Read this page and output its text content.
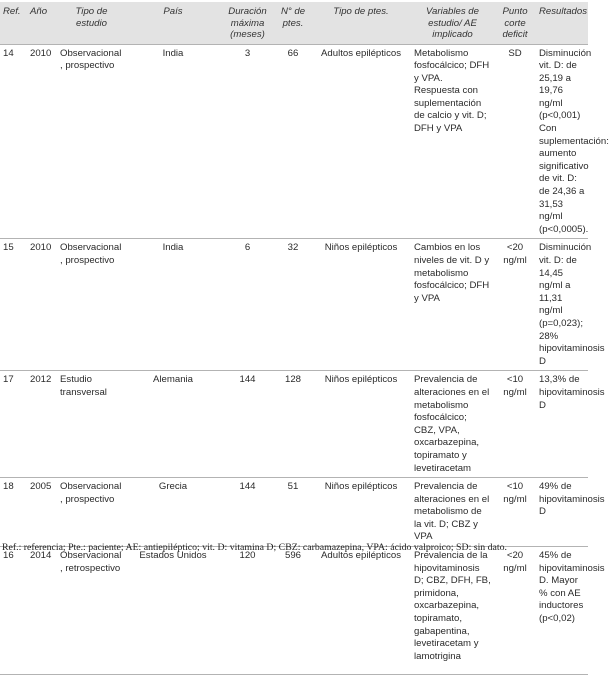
Ref.	Año	Tipo de estudio	País	Duración máxima (meses)	N° de ptes.	Tipo de ptes.	Variables de estudio/ AE implicado	Punto corte deficit	Resultados
14	2010	Observacional , prospectivo	India	3	66	Adultos epilépticos	Metabolismo fosfocálcico; DFH y VPA. Respuesta con suplementación de calcio y vit. D; DFH y VPA	SD	Disminución vit. D: de 25,19 a 19,76 ng/ml (p<0,001) Con suplementación: aumento significativo de vit. D: de 24,36 a 31,53 ng/ml (p<0,0005).
15	2010	Observacional , prospectivo	India	6	32	Niños epilépticos	Cambios en los niveles de vit. D y metabolismo fosfocálcico; DFH y VPA	<20 ng/ml	Disminución vit. D: de 14,45 ng/ml a 11,31 ng/ml (p=0,023); 28% hipovitaminosis D
17	2012	Estudio transversal	Alemania	144	128	Niños epilépticos	Prevalencia de alteraciones en el metabolismo fosfocálcico; CBZ, VPA, oxcarbazepina, topiramato y levetiracetam	<10 ng/ml	13,3% de hipovitaminosis D
18	2005	Observacional , prospectivo	Grecia	144	51	Niños epilépticos	Prevalencia de alteraciones en el metabolismo de la vit. D; CBZ y VPA	<10 ng/ml	49% de hipovitaminosis D
16	2014	Observacional , retrospectivo	Estados Unidos	120	596	Adultos epilépticos	Prevalencia de la hipovitaminosis D; CBZ, DFH, FB, primidona, oxcarbazepina, topiramato, gabapentina, levetiracetam y lamotrigina	<20 ng/ml	45% de hipovitaminosis D. Mayor % con AE inductores (p<0,02)
Ref.: referencia; Pte.: paciente; AE: antiepiléptico; vit. D: vitamina D; CBZ: carbamazepina, VPA: ácido valproico; SD: sin dato.
